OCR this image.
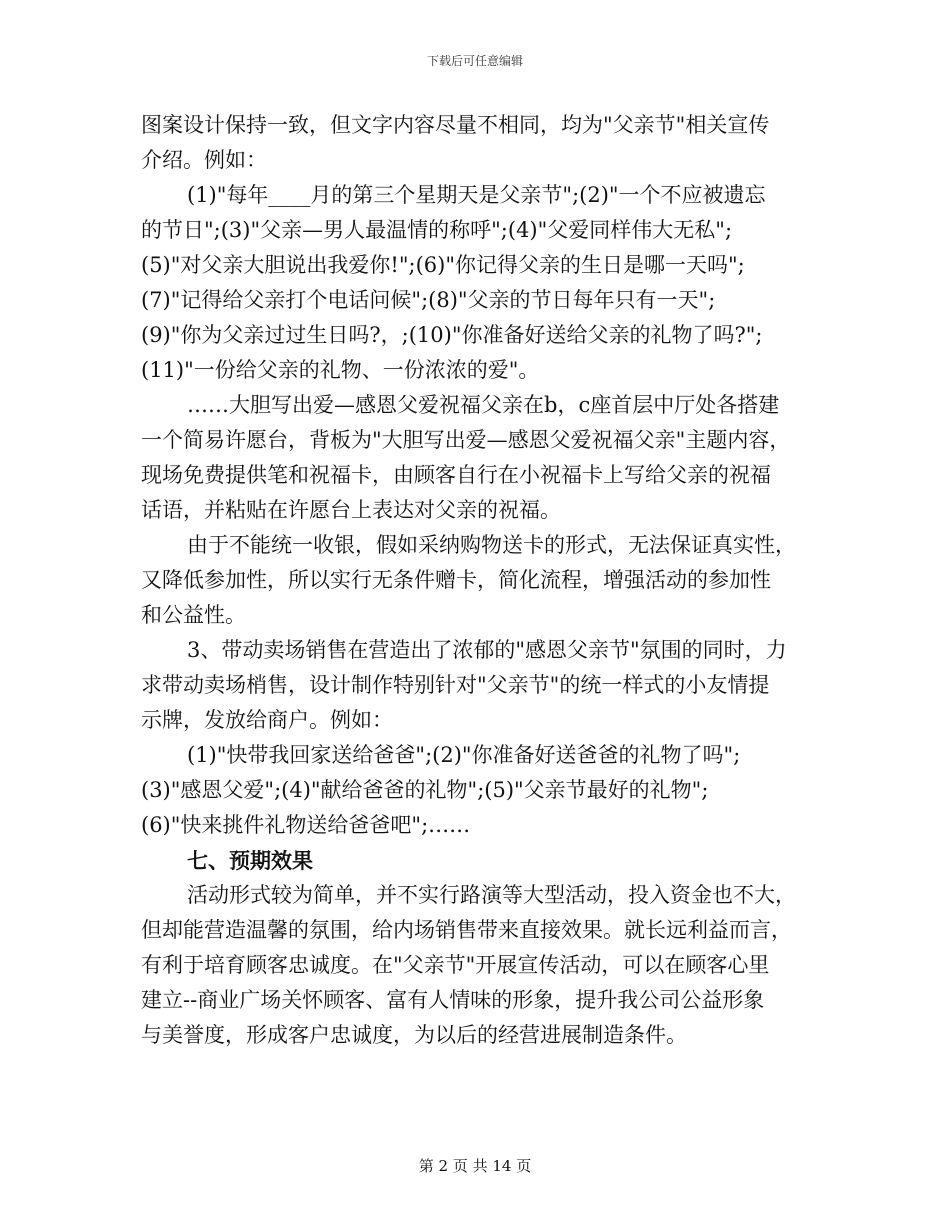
下载后可任意编辑
图案设计保持一致，但文字内容尽量不相同，均为"父亲节"相关宣传
介绍。例如：
(1)"每年____月的第三个星期天是父亲节";(2)"一个不应被遗忘
的节日";(3)"父亲—男人最温情的称呼";(4)"父爱同样伟大无私";
(5)"对父亲大胆说出我爱你!";(6)"你记得父亲的生日是哪一天吗";
(7)"记得给父亲打个电话问候";(8)"父亲的节日每年只有一天";
(9)"你为父亲过过生日吗?，;(10)"你准备好送给父亲的礼物了吗?";
(11)"一份给父亲的礼物、一份浓浓的爱"。
……大胆写出爱—感恩父爱祝福父亲在b，c座首层中厅处各搭建
一个简易许愿台，背板为"大胆写出爱—感恩父爱祝福父亲"主题内容，
现场免费提供笔和祝福卡，由顾客自行在小祝福卡上写给父亲的祝福
话语，并粘贴在许愿台上表达对父亲的祝福。
由于不能统一收银，假如采纳购物送卡的形式，无法保证真实性，
又降低参加性，所以实行无条件赠卡，简化流程，增强活动的参加性
和公益性。
3、带动卖场销售在营造出了浓郁的"感恩父亲节"氛围的同时，力
求带动卖场梢售，设计制作特别针对"父亲节"的统一样式的小友情提
示牌，发放给商户。例如：
(1)"快带我回家送给爸爸";(2)"你准备好送爸爸的礼物了吗";
(3)"感恩父爱";(4)"献给爸爸的礼物";(5)"父亲节最好的礼物";
(6)"快来挑件礼物送给爸爸吧";……
七、预期效果
活动形式较为简单，并不实行路演等大型活动，投入资金也不大，
但却能营造温馨的氛围，给内场销售带来直接效果。就长远利益而言，
有利于培育顾客忠诚度。在"父亲节"开展宣传活动，可以在顾客心里
建立--商业广场关怀顾客、富有人情味的形象，提升我公司公益形象
与美誉度，形成客户忠诚度，为以后的经营进展制造条件。
第 2 页 共 14 页
